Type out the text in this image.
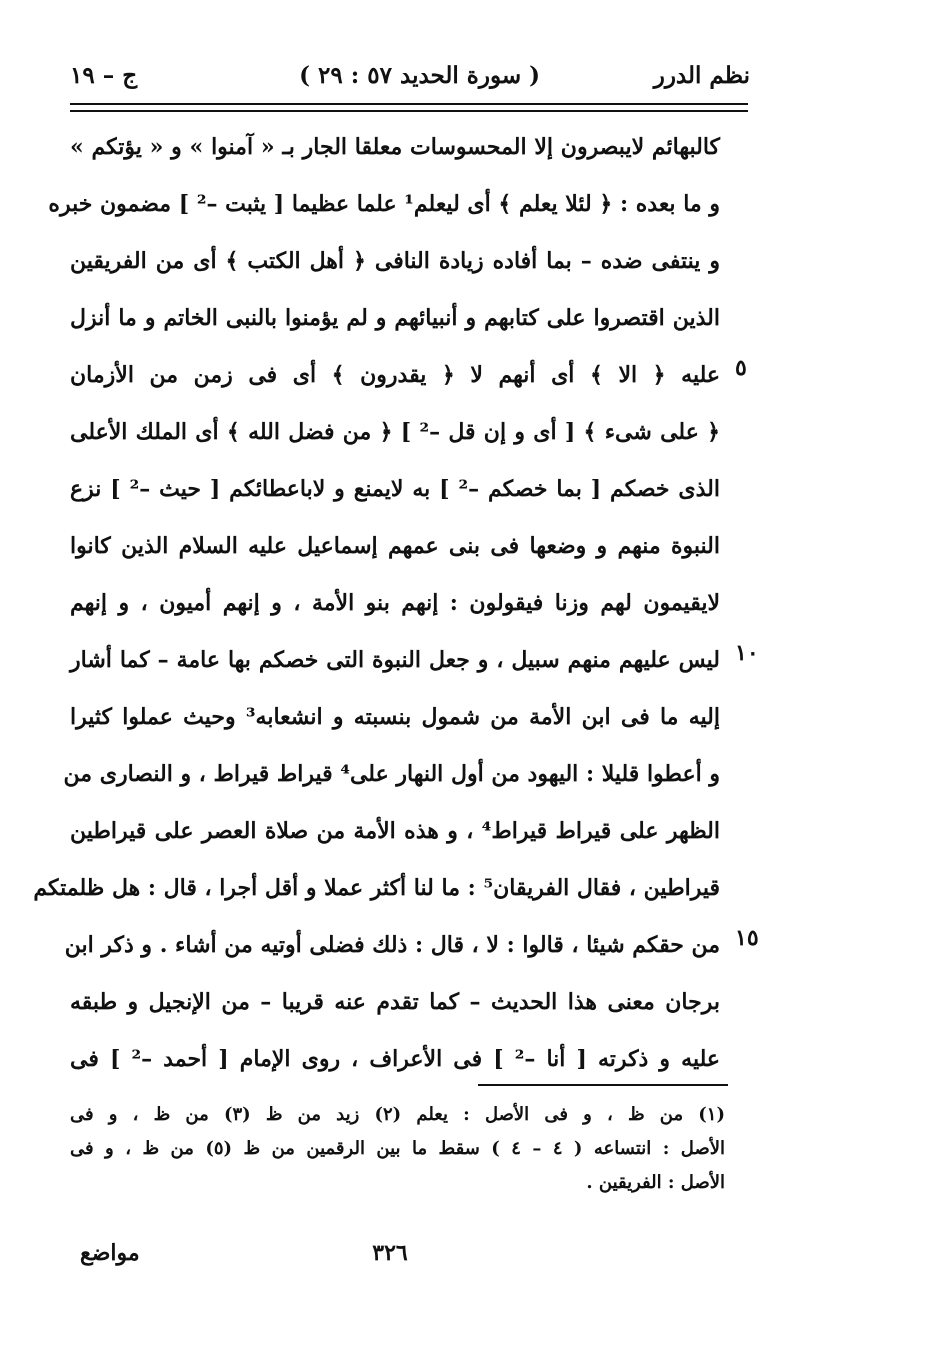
نظم الدرر
( سورة الحديد ٥٧ : ٢٩ )
ج – ١٩
كالبهائم لايبصرون إلا المحسوسات معلقا الجار بـ « آمنوا » و « يؤتكم »
و ما بعده : ﴿ لئلا يعلم ﴾ أى ليعلم¹ علما عظيما [ يثبت –² ] مضمون خبره
و ينتفى ضده – بما أفاده زيادة النافى ﴿ أهل الكتب ﴾ أى من الفريقين
الذين اقتصروا على كتابهم و أنبيائهم و لم يؤمنوا بالنبى الخاتم و ما أنزل
عليه ﴿ الا ﴾ أى أنهم لا ﴿ يقدرون ﴾ أى فى زمن من الأزمان
﴿ على شىء ﴾ [ أى و إن قل –² ] ﴿ من فضل الله ﴾ أى الملك الأعلى
الذى خصكم [ بما خصكم –² ] به لايمنع و لاباعطائكم [ حيث –² ] نزع
النبوة منهم و وضعها فى بنى عمهم إسماعيل عليه السلام الذين كانوا
لايقيمون لهم وزنا فيقولون : إنهم بنو الأمة ، و إنهم أميون ، و إنهم
ليس عليهم منهم سبيل ، و جعل النبوة التى خصكم بها عامة – كما أشار
إليه ما فى ابن الأمة من شمول بنسبته و انشعابه³ وحيث عملوا كثيرا
و أعطوا قليلا : اليهود من أول النهار على⁴ قيراط قيراط ، و النصارى من
الظهر على قيراط قيراط⁴ ، و هذه الأمة من صلاة العصر على قيراطين
قيراطين ، فقال الفريقان⁵ : ما لنا أكثر عملا و أقل أجرا ، قال : هل ظلمتكم
من حقكم شيئا ، قالوا : لا ، قال : ذلك فضلى أوتيه من أشاء . و ذكر ابن
برجان معنى هذا الحديث – كما تقدم عنه قريبا – من الإنجيل و طبقه
عليه و ذكرته [ أنا –² ] فى الأعراف ، روى الإمام [ أحمد –² ] فى
٥
١٠
١٥
(١) من ظ ، و فى الأصل : يعلم (٢) زيد من ظ (٣) من ظ ، و فى
الأصل : انتساعه ( ٤ – ٤ ) سقط ما بين الرقمين من ظ (٥) من ظ ، و فى
الأصل : الفريقين .
٣٢٦
مواضع
